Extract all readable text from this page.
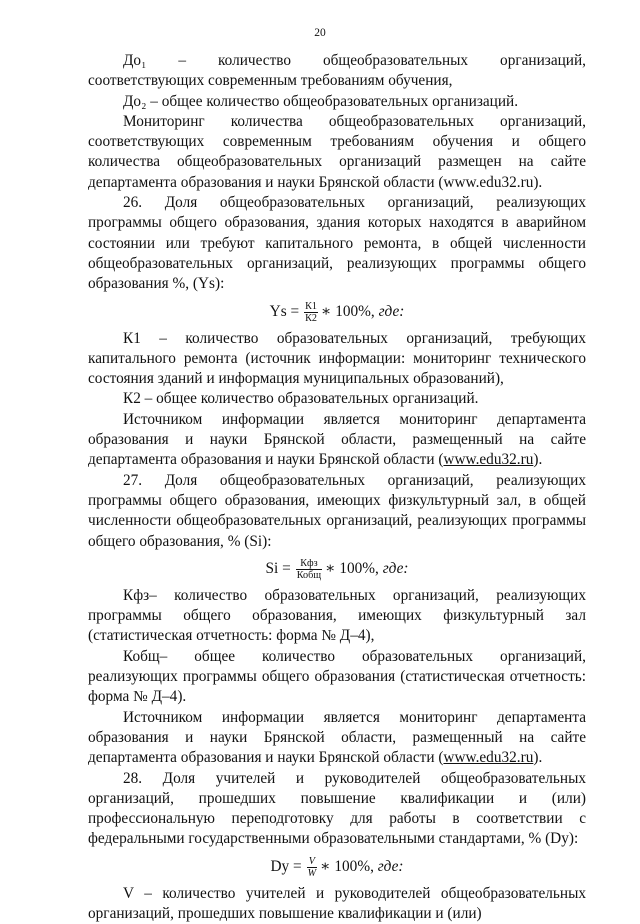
20

До₁ – количество общеобразовательных организаций, соответствующих современным требованиям обучения,

До₂ – общее количество общеобразовательных организаций.

Мониторинг количества общеобразовательных организаций, соответствующих современным требованиям обучения и общего количества общеобразовательных организаций размещен на сайте департамента образования и науки Брянской области (www.edu32.ru).

26. Доля общеобразовательных организаций, реализующих программы общего образования, здания которых находятся в аварийном состоянии или требуют капитального ремонта, в общей численности общеобразовательных организаций, реализующих программы общего образования %, (Ys):

$Ys = \frac{К1}{К2}$ ∗ 100%, где:

К1 – количество образовательных организаций, требующих капитального ремонта (источник информации: мониторинг технического состояния зданий и информация муниципальных образований),

К2 – общее количество образовательных организаций.

Источником информации является мониторинг департамента образования и науки Брянской области, размещенный на сайте департамента образования и науки Брянской области (www.edu32.ru).

27. Доля общеобразовательных организаций, реализующих программы общего образования, имеющих физкультурный зал, в общей численности общеобразовательных организаций, реализующих программы общего образования, % (Si):

$Si = \frac{\text{Кфз}}{\text{Кобщ}}$ ∗ 100%, где:

Кфз– количество образовательных организаций, реализующих программы общего образования, имеющих физкультурный зал (статистическая отчетность: форма № Д–4),

Кобщ– общее количество образовательных организаций, реализующих программы общего образования (статистическая отчетность: форма № Д–4).

Источником информации является мониторинг департамента образования и науки Брянской области, размещенный на сайте департамента образования и науки Брянской области (www.edu32.ru).

28. Доля учителей и руководителей общеобразовательных организаций, прошедших повышение квалификации и (или) профессиональную переподготовку для работы в соответствии с федеральными государственными образовательными стандартами, % (Dy):

$Dy = \frac{V}{W}$ ∗ 100%, где:

V – количество учителей и руководителей общеобразовательных организаций, прошедших повышение квалификации и (или)
